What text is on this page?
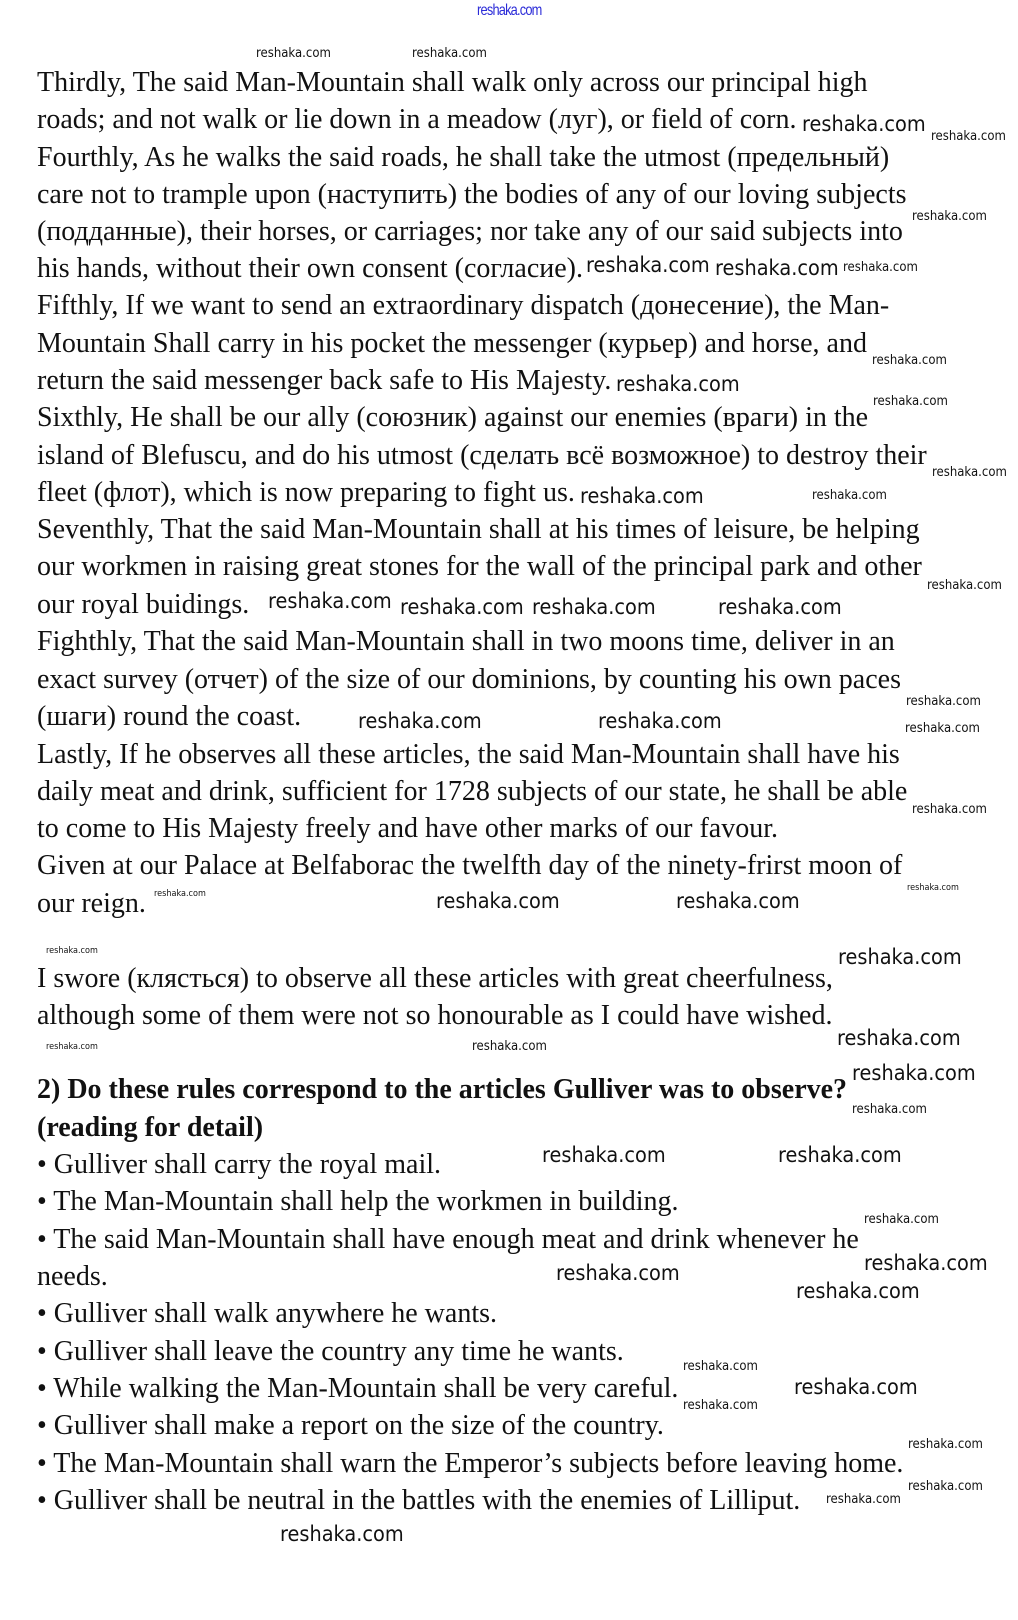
reshaka.com
Thirdly, The said Man-Mountain shall walk only across our principal high
roads; and not walk or lie down in a meadow (луг), or field of corn.
Fourthly, As he walks the said roads, he shall take the utmost (предельный)
care not to trample upon (наступить) the bodies of any of our loving subjects
(подданные), their horses, or carriages; nor take any of our said subjects into
his hands, without their own consent (согласие).
Fifthly, If we want to send an extraordinary dispatch (донесение), the Man-
Mountain Shall carry in his pocket the messenger (курьер) and horse, and
return the said messenger back safe to His Majesty.
Sixthly, He shall be our ally (союзник) against our enemies (враги) in the
island of Blefuscu, and do his utmost (сделать всё возможное) to destroy their
fleet (флот), which is now preparing to fight us.
Seventhly, That the said Man-Mountain shall at his times of leisure, be helping
our workmen in raising great stones for the wall of the principal park and other
our royal buidings.
Fighthly, That the said Man-Mountain shall in two moons time, deliver in an
exact survey (отчет) of the size of our dominions, by counting his own paces
(шаги) round the coast.
Lastly, If he observes all these articles, the said Man-Mountain shall have his
daily meat and drink, sufficient for 1728 subjects of our state, he shall be able
to come to His Majesty freely and have other marks of our favour.
Given at our Palace at Belfaborac the twelfth day of the ninety-frirst moon of
our reign.
I swore (клясться) to observe all these articles with great cheerfulness,
although some of them were not so honourable as I could have wished.
2) Do these rules correspond to the articles Gulliver was to observe?
(reading for detail)
• Gulliver shall carry the royal mail.
• The Man-Mountain shall help the workmen in building.
• The said Man-Mountain shall have enough meat and drink whenever he
needs.
• Gulliver shall walk anywhere he wants.
• Gulliver shall leave the country any time he wants.
• While walking the Man-Mountain shall be very careful.
• Gulliver shall make a report on the size of the country.
• The Man-Mountain shall warn the Emperor’s subjects before leaving home.
• Gulliver shall be neutral in the battles with the enemies of Lilliput.
reshaka.com
reshaka.com reshaka.com
reshaka.com
reshaka.com
reshaka.com
reshaka.com reshaka.com	reshaka.com
reshaka.com	reshaka.com
reshaka.com	reshaka.com
reshaka.com
reshaka.com
reshaka.com
reshaka.com	reshaka.com
reshaka.com
reshaka.com
reshaka.com
reshaka.com
reshaka.com
reshaka.com
reshaka.com	reshaka.com
reshaka.com
reshaka.com
reshaka.com
reshaka.com
reshaka.com
reshaka.com
reshaka.com
reshaka.com
reshaka.com
reshaka.com
reshaka.com
reshaka.com
reshaka.com
reshaka.com
reshaka.com
reshaka.com
reshaka.com
reshaka.com
reshaka.com
reshaka.com
reshaka.com
reshaka.com
